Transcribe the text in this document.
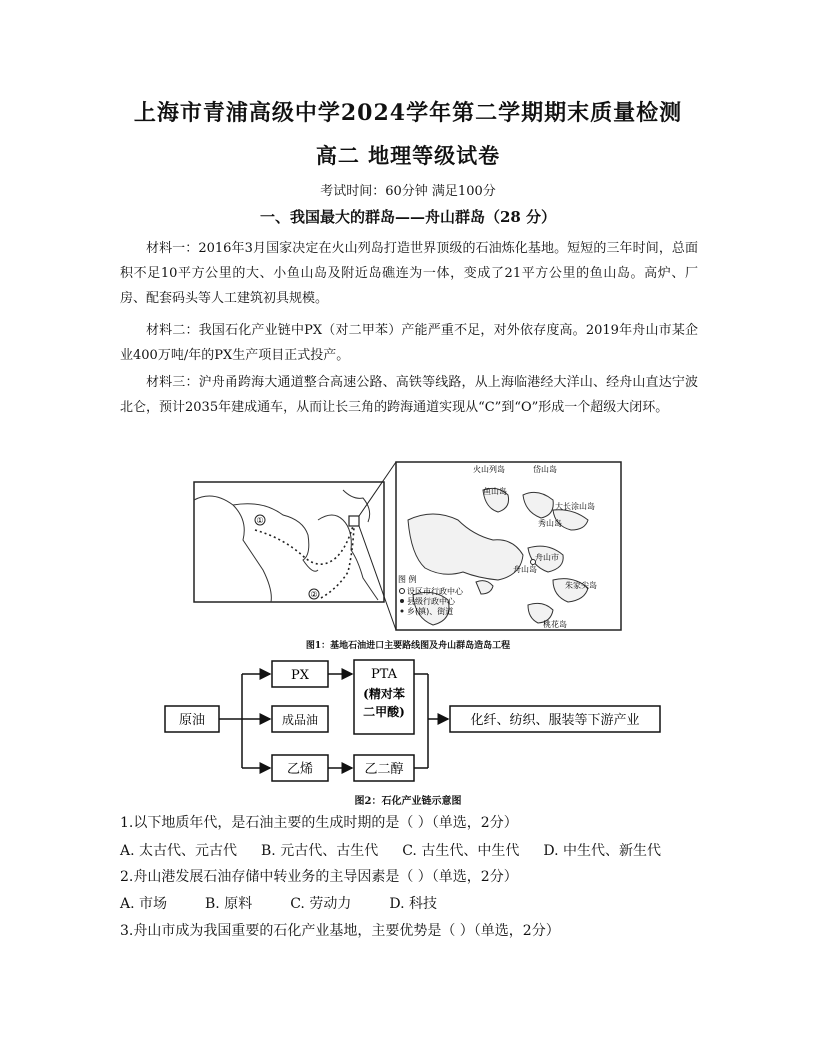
上海市青浦高级中学2024学年第二学期期末质量检测
高二 地理等级试卷
考试时间：60分钟 满足100分
一、我国最大的群岛——舟山群岛（28 分）
材料一：2016年3月国家决定在火山列岛打造世界顶级的石油炼化基地。短短的三年时间，总面积不足10平方公里的大、小鱼山岛及附近岛礁连为一体，变成了21平方公里的鱼山岛。高炉、厂房、配套码头等人工建筑初具规模。
材料二：我国石化产业链中PX（对二甲苯）产能严重不足，对外依存度高。2019年舟山市某企业400万吨/年的PX生产项目正式投产。
材料三：沪舟甬跨海大通道整合高速公路、高铁等线路，从上海临港经大洋山、经舟山直达宁波北仑，预计2035年建成通车，从而让长三角的跨海通道实现从“C”到“O”形成一个超级大闭环。
①
②
火山列岛	岱山岛
鱼山岛
大长涂山岛
秀山岛
舟山岛
舟山市
朱家尖岛
桃花岛
图 例
设区市行政中心
县级行政中心
乡(镇)、街道
图1：基地石油进口主要路线图及舟山群岛造岛工程
原油
PX
成品油
乙烯
PTA
(精对苯
二甲酸)
乙二醇
化纤、纺织、服装等下游产业
图2：石化产业链示意图
1.以下地质年代，是石油主要的生成时期的是（ ）（单选，2分）
A. 太古代、元古代 B. 元古代、古生代 C. 古生代、中生代 D. 中生代、新生代
2.舟山港发展石油存储中转业务的主导因素是（ ）（单选，2分）
A. 市场	B. 原料	C. 劳动力	D. 科技
3.舟山市成为我国重要的石化产业基地，主要优势是（ ）（单选，2分）
